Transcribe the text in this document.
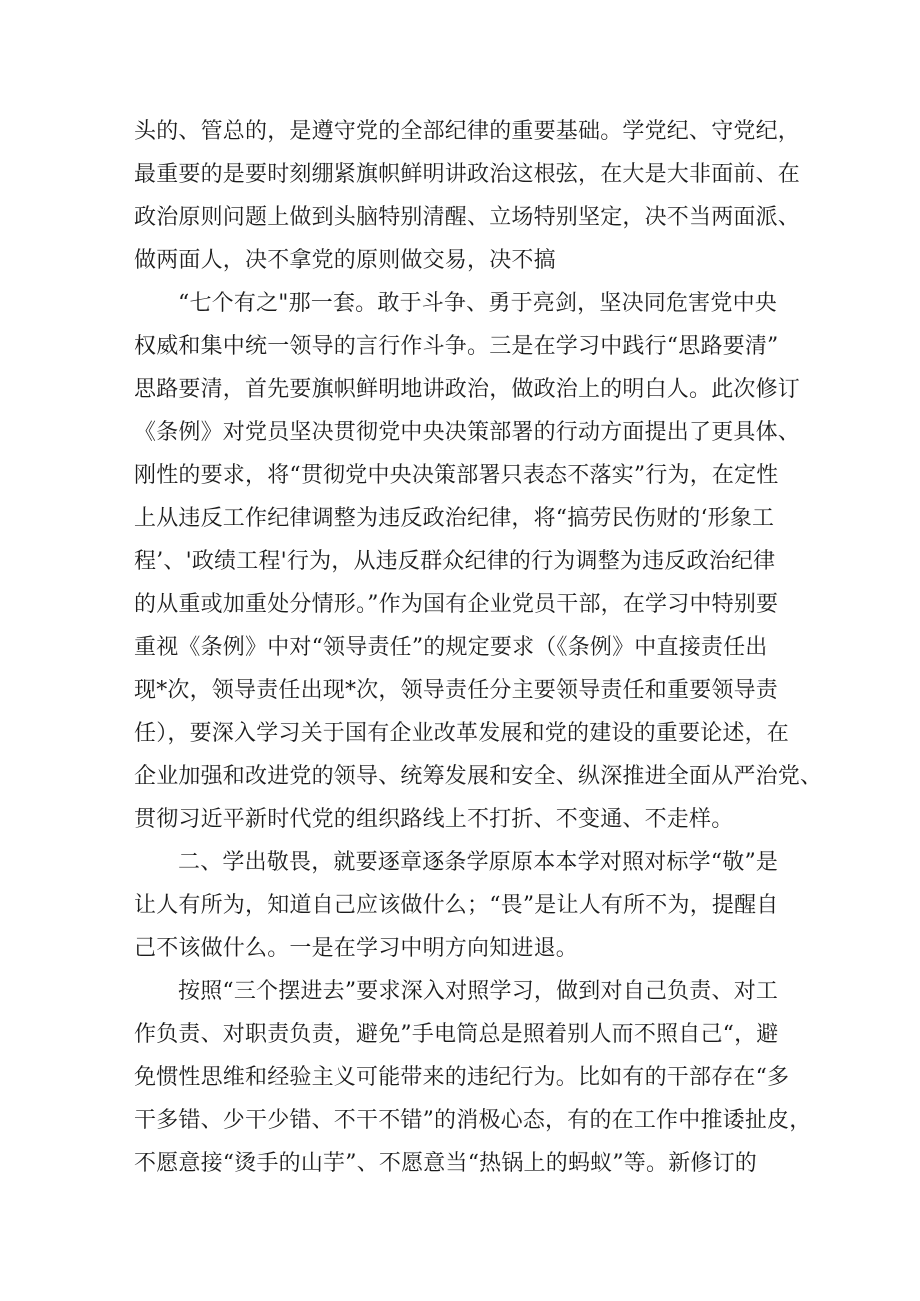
头的、管总的，是遵守党的全部纪律的重要基础。学党纪、守党纪，
最重要的是要时刻绷紧旗帜鲜明讲政治这根弦，在大是大非面前、在
政治原则问题上做到头脑特别清醒、立场特别坚定，决不当两面派、
做两面人，决不拿党的原则做交易，决不搞
“七个有之"那一套。敢于斗争、勇于亮剑，坚决同危害党中央
权威和集中统一领导的言行作斗争。三是在学习中践行“思路要清”
思路要清，首先要旗帜鲜明地讲政治，做政治上的明白人。此次修订
《条例》对党员坚决贯彻党中央决策部署的行动方面提出了更具体、
刚性的要求，将“贯彻党中央决策部署只表态不落实”行为，在定性
上从违反工作纪律调整为违反政治纪律，将“搞劳民伤财的‘形象工
程’、'政绩工程'行为，从违反群众纪律的行为调整为违反政治纪律
的从重或加重处分情形。”作为国有企业党员干部，在学习中特别要
重视《条例》中对“领导责任”的规定要求（《条例》中直接责任出
现*次，领导责任出现*次，领导责任分主要领导责任和重要领导责
任），要深入学习关于国有企业改革发展和党的建设的重要论述，在
企业加强和改进党的领导、统筹发展和安全、纵深推进全面从严治党、
贯彻习近平新时代党的组织路线上不打折、不变通、不走样。
二、学出敬畏，就要逐章逐条学原原本本学对照对标学“敬”是
让人有所为，知道自己应该做什么；“畏”是让人有所不为，提醒自
己不该做什么。一是在学习中明方向知进退。
按照“三个摆进去”要求深入对照学习，做到对自己负责、对工
作负责、对职责负责，避免”手电筒总是照着别人而不照自己“，避
免惯性思维和经验主义可能带来的违纪行为。比如有的干部存在“多
干多错、少干少错、不干不错”的消极心态，有的在工作中推诿扯皮，
不愿意接“烫手的山芋”、不愿意当“热锅上的蚂蚁”等。新修订的
